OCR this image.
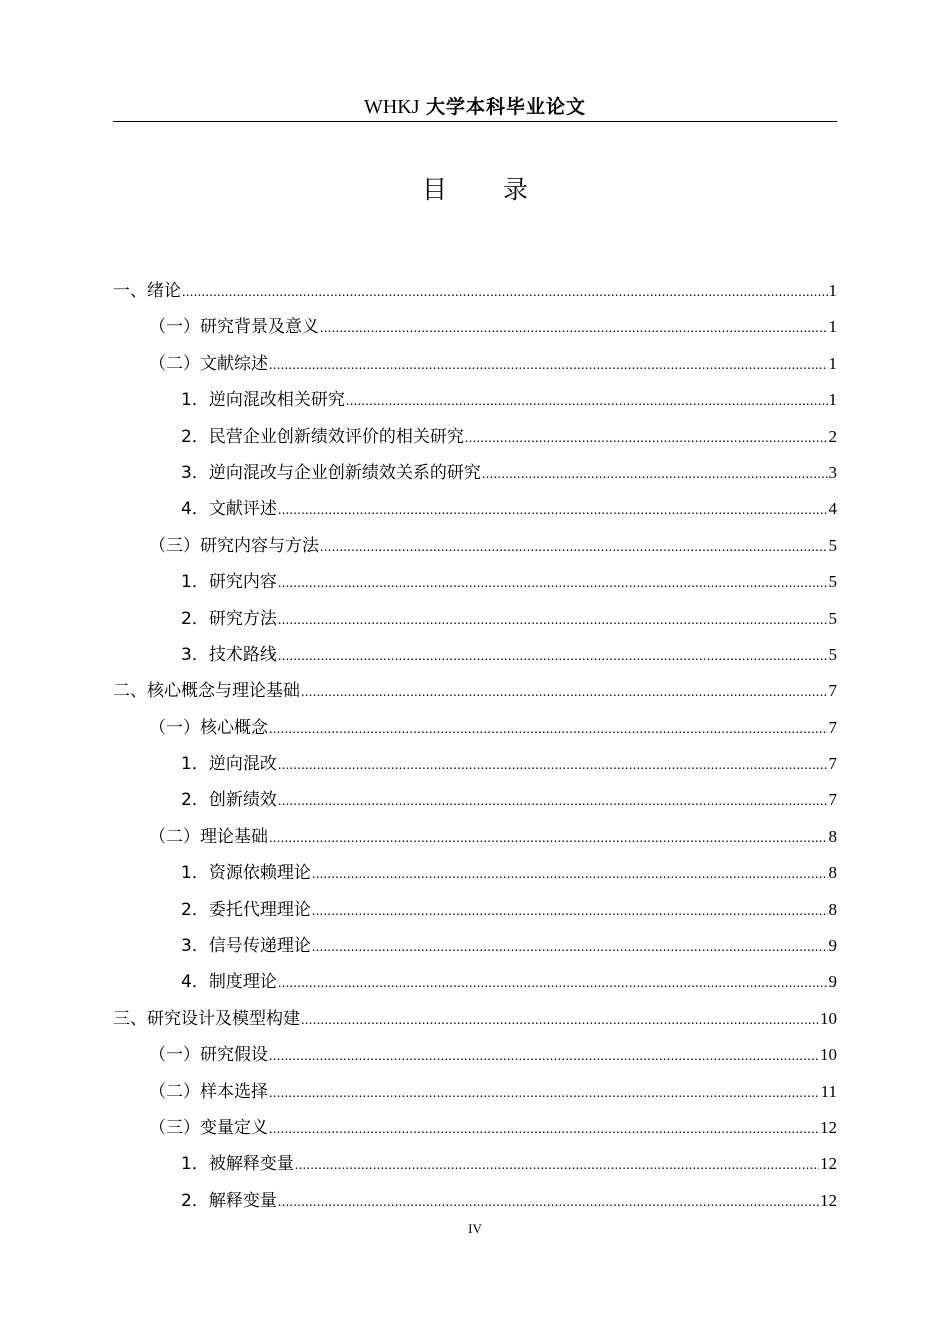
WHKJ 大学本科毕业论文
目 录
一、绪论 .....	1
（一）研究背景及意义 .....	1
（二）文献综述 .....	1
1．逆向混改相关研究 .....	1
2．民营企业创新绩效评价的相关研究 .....	2
3．逆向混改与企业创新绩效关系的研究 .....	3
4．文献评述 .....	4
（三）研究内容与方法 .....	5
1．研究内容 .....	5
2．研究方法 .....	5
3．技术路线 .....	5
二、核心概念与理论基础 .....	7
（一）核心概念 .....	7
1．逆向混改 .....	7
2．创新绩效 .....	7
（二）理论基础 .....	8
1．资源依赖理论 .....	8
2．委托代理理论 .....	8
3．信号传递理论 .....	9
4．制度理论 .....	9
三、研究设计及模型构建 .....	10
（一）研究假设 .....	10
（二）样本选择 .....	11
（三）变量定义 .....	12
1．被解释变量 .....	12
2．解释变量 .....	12
IV
